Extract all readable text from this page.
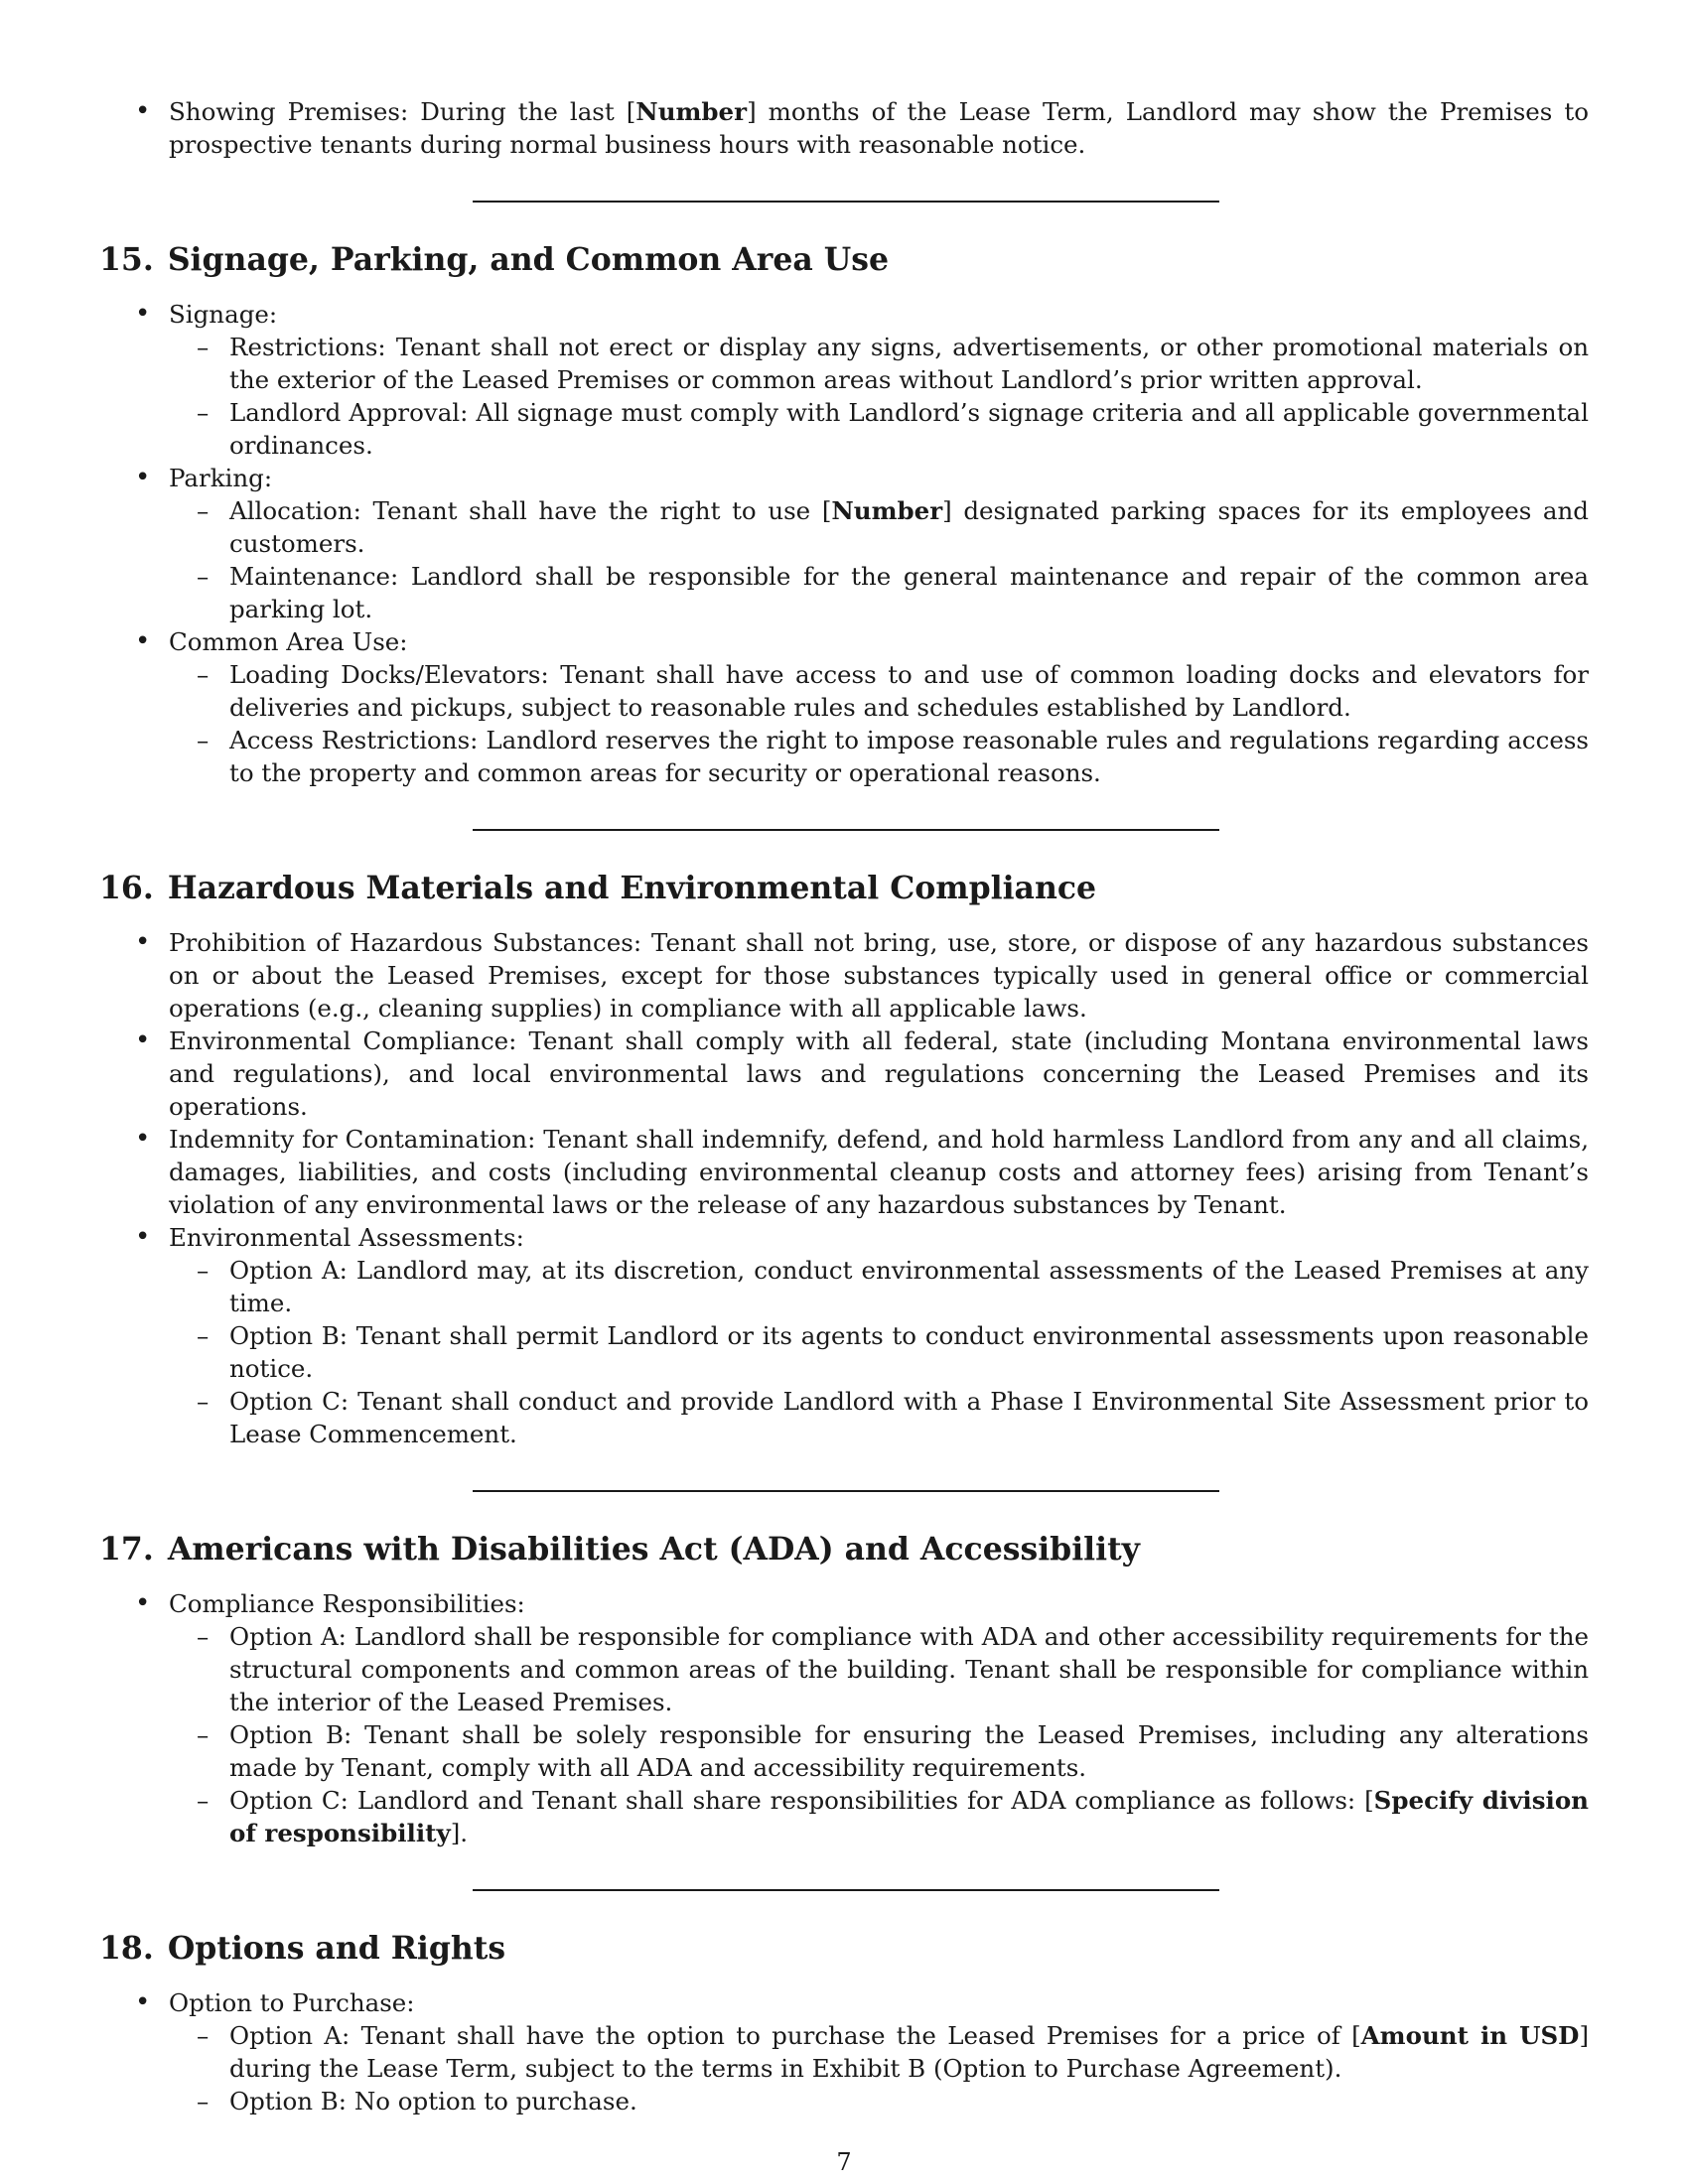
• Showing Premises: During the last [Number] months of the Lease Term, Landlord may show the Premises to prospective tenants during normal business hours with reasonable notice.
15. Signage, Parking, and Common Area Use
• Signage:
– Restrictions: Tenant shall not erect or display any signs, advertisements, or other promotional materials on the exterior of the Leased Premises or common areas without Landlord’s prior written approval.
– Landlord Approval: All signage must comply with Landlord’s signage criteria and all applicable governmental ordinances.
• Parking:
– Allocation: Tenant shall have the right to use [Number] designated parking spaces for its employees and customers.
– Maintenance: Landlord shall be responsible for the general maintenance and repair of the common area parking lot.
• Common Area Use:
– Loading Docks/Elevators: Tenant shall have access to and use of common loading docks and elevators for deliveries and pickups, subject to reasonable rules and schedules established by Landlord.
– Access Restrictions: Landlord reserves the right to impose reasonable rules and regulations regarding access to the property and common areas for security or operational reasons.
16. Hazardous Materials and Environmental Compliance
• Prohibition of Hazardous Substances: Tenant shall not bring, use, store, or dispose of any hazardous substances on or about the Leased Premises, except for those substances typically used in general office or commercial operations (e.g., cleaning supplies) in compliance with all applicable laws.
• Environmental Compliance: Tenant shall comply with all federal, state (including Montana environmental laws and regulations), and local environmental laws and regulations concerning the Leased Premises and its operations.
• Indemnity for Contamination: Tenant shall indemnify, defend, and hold harmless Landlord from any and all claims, damages, liabilities, and costs (including environmental cleanup costs and attorney fees) arising from Tenant’s violation of any environmental laws or the release of any hazardous substances by Tenant.
• Environmental Assessments:
– Option A: Landlord may, at its discretion, conduct environmental assessments of the Leased Premises at any time.
– Option B: Tenant shall permit Landlord or its agents to conduct environmental assessments upon reasonable notice.
– Option C: Tenant shall conduct and provide Landlord with a Phase I Environmental Site Assessment prior to Lease Commencement.
17. Americans with Disabilities Act (ADA) and Accessibility
• Compliance Responsibilities:
– Option A: Landlord shall be responsible for compliance with ADA and other accessibility requirements for the structural components and common areas of the building. Tenant shall be responsible for compliance within the interior of the Leased Premises.
– Option B: Tenant shall be solely responsible for ensuring the Leased Premises, including any alterations made by Tenant, comply with all ADA and accessibility requirements.
– Option C: Landlord and Tenant shall share responsibilities for ADA compliance as follows: [Specify division of responsibility].
18. Options and Rights
• Option to Purchase:
– Option A: Tenant shall have the option to purchase the Leased Premises for a price of [Amount in USD] during the Lease Term, subject to the terms in Exhibit B (Option to Purchase Agreement).
– Option B: No option to purchase.
7
